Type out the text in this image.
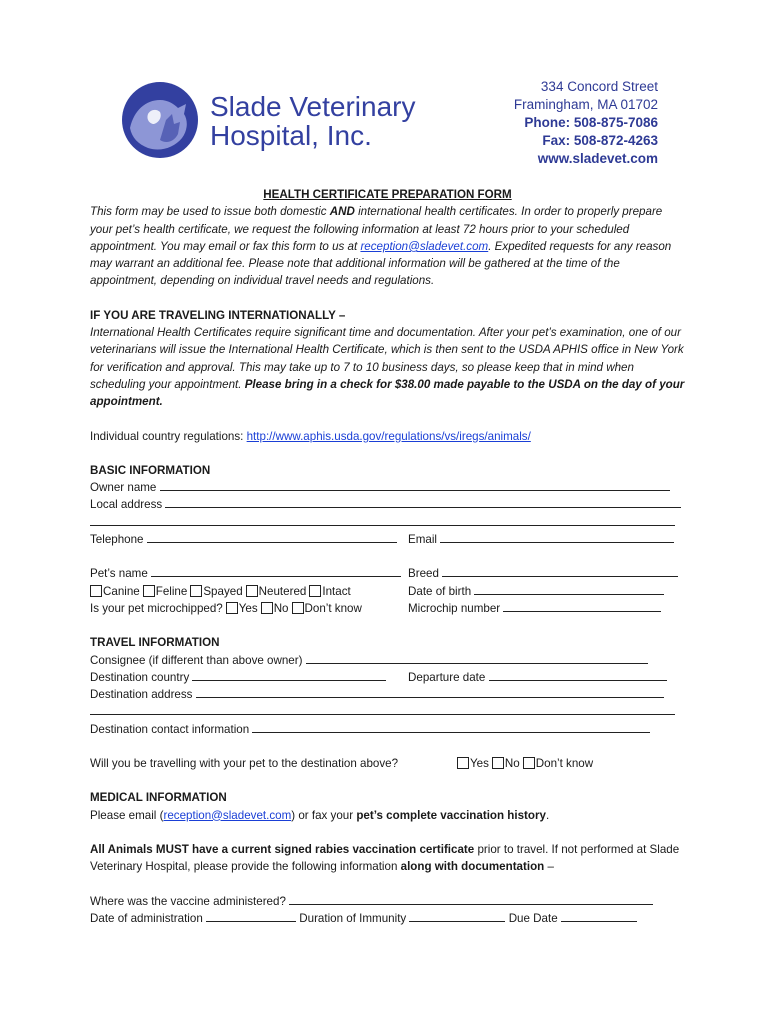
Slade Veterinary
Hospital, Inc.
334 Concord Street
Framingham, MA 01702
Phone: 508-875-7086
Fax: 508-872-4263
www.sladevet.com
HEALTH CERTIFICATE PREPARATION FORM
This form may be used to issue both domestic AND international health certificates. In order to properly prepare your pet’s health certificate, we request the following information at least 72 hours prior to your scheduled appointment. You may email or fax this form to us at reception@sladevet.com. Expedited requests for any reason may warrant an additional fee. Please note that additional information will be gathered at the time of the appointment, depending on individual travel needs and regulations.
IF YOU ARE TRAVELING INTERNATIONALLY –
International Health Certificates require significant time and documentation. After your pet’s examination, one of our veterinarians will issue the International Health Certificate, which is then sent to the USDA APHIS office in New York for verification and approval. This may take up to 7 to 10 business days, so please keep that in mind when scheduling your appointment. Please bring in a check for $38.00 made payable to the USDA on the day of your appointment.
Individual country regulations: http://www.aphis.usda.gov/regulations/vs/iregs/animals/
BASIC INFORMATION
Owner name
Local address
Telephone	Email
Pet’s name	Breed
Canine Feline Spayed Neutered Intact	Date of birth
Is your pet microchipped? Yes No Don’t know	Microchip number
TRAVEL INFORMATION
Consignee (if different than above owner)
Destination country	Departure date
Destination address
Destination contact information
Will you be travelling with your pet to the destination above?	Yes No Don’t know
MEDICAL INFORMATION
Please email (reception@sladevet.com) or fax your pet’s complete vaccination history.
All Animals MUST have a current signed rabies vaccination certificate prior to travel. If not performed at Slade Veterinary Hospital, please provide the following information along with documentation –
Where was the vaccine administered?
Date of administration	Duration of Immunity	Due Date
